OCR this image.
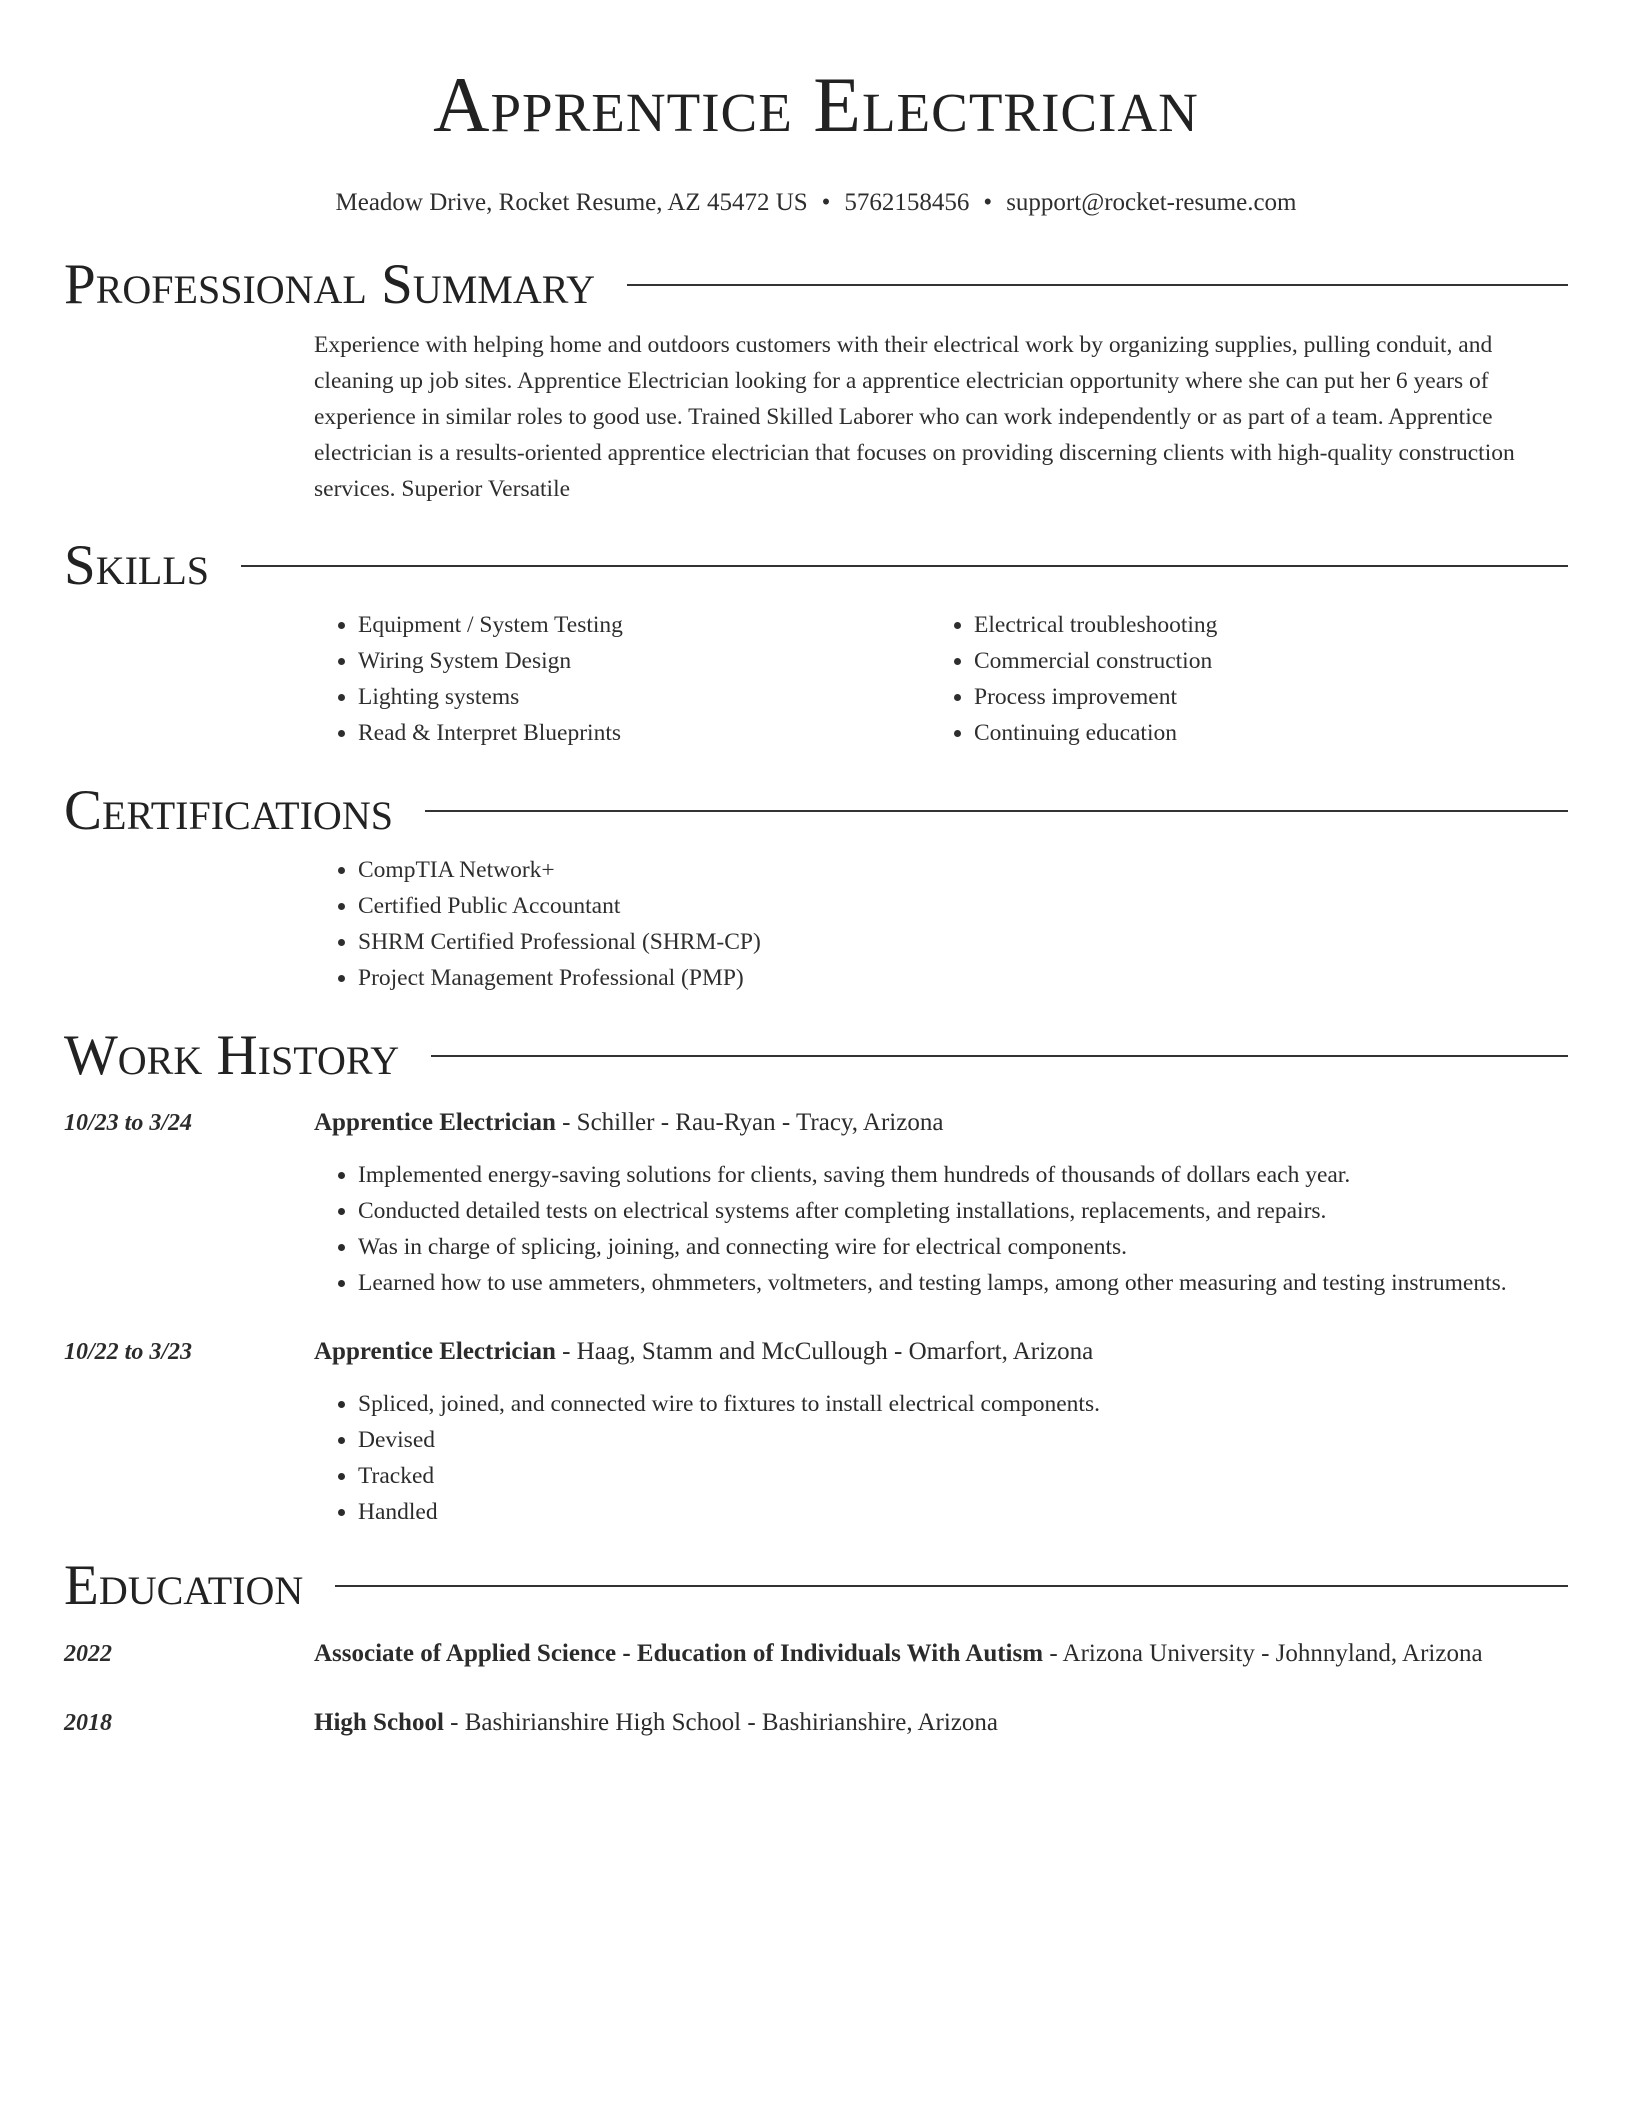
Apprentice Electrician
Meadow Drive, Rocket Resume, AZ 45472 US • 5762158456 • support@rocket-resume.com
Professional Summary

Experience with helping home and outdoors customers with their electrical work by organizing supplies, pulling conduit, and cleaning up job sites. Apprentice Electrician looking for a apprentice electrician opportunity where she can put her 6 years of experience in similar roles to good use. Trained Skilled Laborer who can work independently or as part of a team. Apprentice electrician is a results-oriented apprentice electrician that focuses on providing discerning clients with high-quality construction services. Superior Versatile

Skills
• Equipment / System Testing
• Wiring System Design
• Lighting systems
• Read & Interpret Blueprints
• Electrical troubleshooting
• Commercial construction
• Process improvement
• Continuing education
Certifications
• CompTIA Network+
• Certified Public Accountant
• SHRM Certified Professional (SHRM-CP)
• Project Management Professional (PMP)
Work History
10/23 to 3/24	Apprentice Electrician - Schiller - Rau-Ryan - Tracy, Arizona
• Implemented energy-saving solutions for clients, saving them hundreds of thousands of dollars each year.
• Conducted detailed tests on electrical systems after completing installations, replacements, and repairs.
• Was in charge of splicing, joining, and connecting wire for electrical components.
• Learned how to use ammeters, ohmmeters, voltmeters, and testing lamps, among other measuring and testing instruments.
10/22 to 3/23	Apprentice Electrician - Haag, Stamm and McCullough - Omarfort, Arizona
• Spliced, joined, and connected wire to fixtures to install electrical components.
• Devised
• Tracked
• Handled
Education
2022	Associate of Applied Science - Education of Individuals With Autism - Arizona University - Johnnyland, Arizona
2018	High School - Bashirianshire High School - Bashirianshire, Arizona
